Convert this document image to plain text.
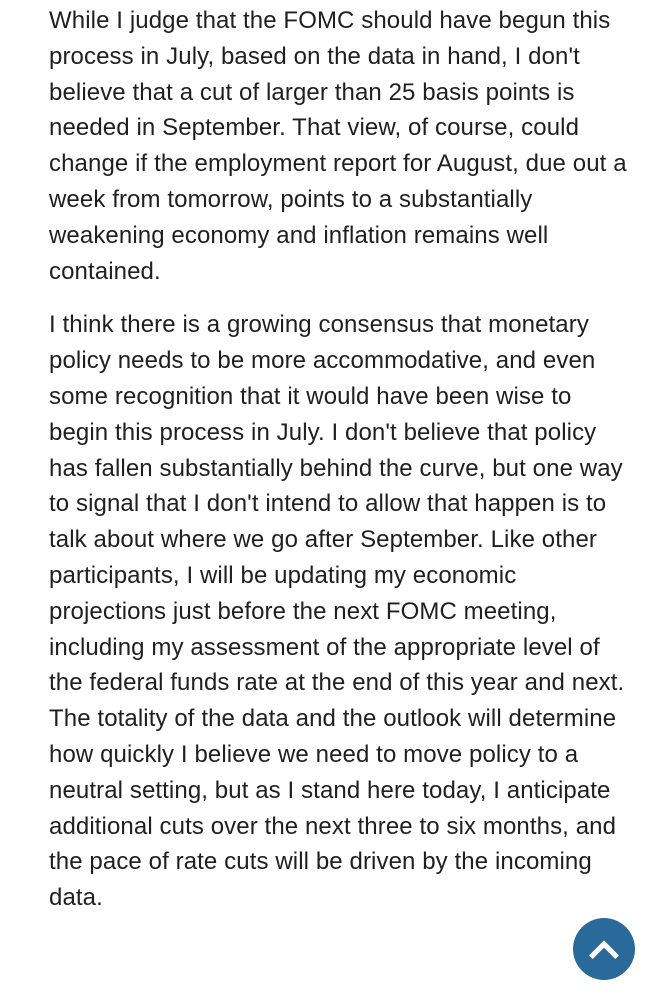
While I judge that the FOMC should have begun this process in July, based on the data in hand, I don't believe that a cut of larger than 25 basis points is needed in September. That view, of course, could change if the employment report for August, due out a week from tomorrow, points to a substantially weakening economy and inflation remains well contained.

I think there is a growing consensus that monetary policy needs to be more accommodative, and even some recognition that it would have been wise to begin this process in July. I don't believe that policy has fallen substantially behind the curve, but one way to signal that I don't intend to allow that happen is to talk about where we go after September. Like other participants, I will be updating my economic projections just before the next FOMC meeting, including my assessment of the appropriate level of the federal funds rate at the end of this year and next. The totality of the data and the outlook will determine how quickly I believe we need to move policy to a neutral setting, but as I stand here today, I anticipate additional cuts over the next three to six months, and the pace of rate cuts will be driven by the incoming data.
